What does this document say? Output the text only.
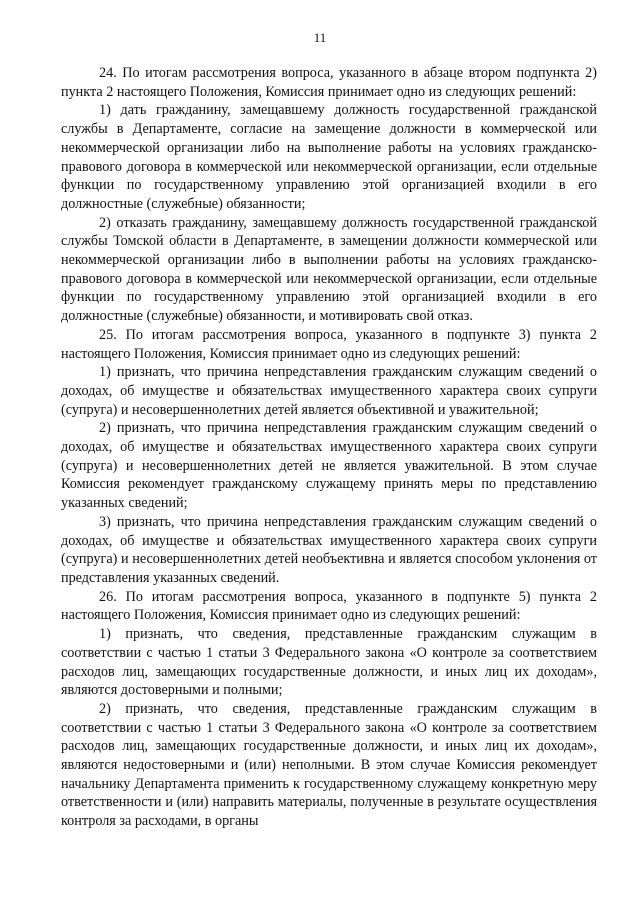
11

24. По итогам рассмотрения вопроса, указанного в абзаце втором подпункта 2) пункта 2 настоящего Положения, Комиссия принимает одно из следующих решений:

1) дать гражданину, замещавшему должность государственной гражданской службы в Департаменте, согласие на замещение должности в коммерческой или некоммерческой организации либо на выполнение работы на условиях гражданско-правового договора в коммерческой или некоммерческой организации, если отдельные функции по государственному управлению этой организацией входили в его должностные (служебные) обязанности;

2) отказать гражданину, замещавшему должность государственной гражданской службы Томской области в Департаменте, в замещении должности коммерческой или некоммерческой организации либо в выполнении работы на условиях гражданско-правового договора в коммерческой или некоммерческой организации, если отдельные функции по государственному управлению этой организацией входили в его должностные (служебные) обязанности, и мотивировать свой отказ.

25. По итогам рассмотрения вопроса, указанного в подпункте 3) пункта 2 настоящего Положения, Комиссия принимает одно из следующих решений:

1) признать, что причина непредставления гражданским служащим сведений о доходах, об имуществе и обязательствах имущественного характера своих супруги (супруга) и несовершеннолетних детей является объективной и уважительной;

2) признать, что причина непредставления гражданским служащим сведений о доходах, об имуществе и обязательствах имущественного характера своих супруги (супруга) и несовершеннолетних детей не является уважительной. В этом случае Комиссия рекомендует гражданскому служащему принять меры по представлению указанных сведений;

3) признать, что причина непредставления гражданским служащим сведений о доходах, об имуществе и обязательствах имущественного характера своих супруги (супруга) и несовершеннолетних детей необъективна и является способом уклонения от представления указанных сведений.

26. По итогам рассмотрения вопроса, указанного в подпункте 5) пункта 2 настоящего Положения, Комиссия принимает одно из следующих решений:

1) признать, что сведения, представленные гражданским служащим в соответствии с частью 1 статьи 3 Федерального закона «О контроле за соответствием расходов лиц, замещающих государственные должности, и иных лиц их доходам», являются достоверными и полными;

2) признать, что сведения, представленные гражданским служащим в соответствии с частью 1 статьи 3 Федерального закона «О контроле за соответствием расходов лиц, замещающих государственные должности, и иных лиц их доходам», являются недостоверными и (или) неполными. В этом случае Комиссия рекомендует начальнику Департамента применить к государственному служащему конкретную меру ответственности и (или) направить материалы, полученные в результате осуществления контроля за расходами, в органы
